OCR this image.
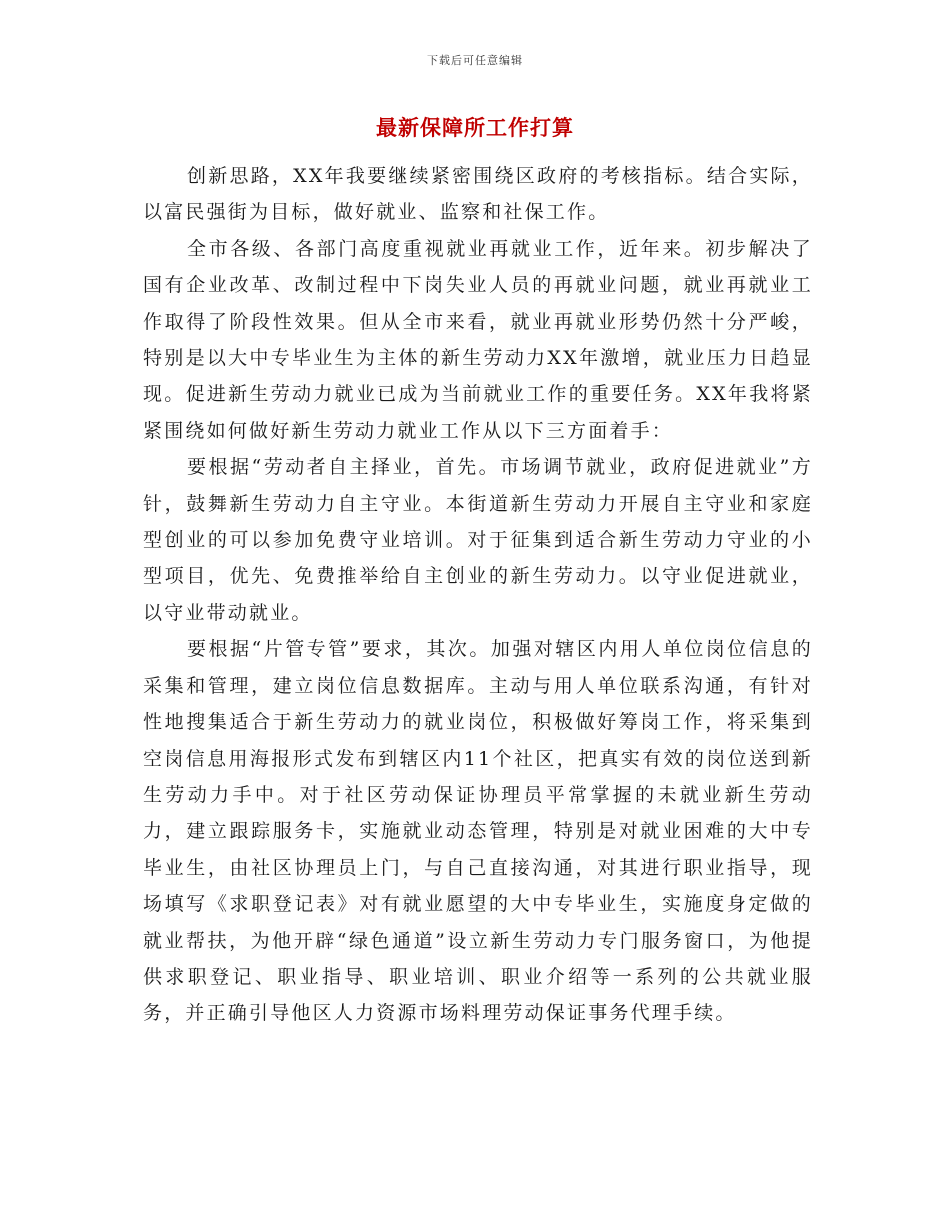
下载后可任意编辑
最新保障所工作打算

创新思路，XX年我要继续紧密围绕区政府的考核指标。结合实际，以富民强街为目标，做好就业、监察和社保工作。

全市各级、各部门高度重视就业再就业工作，近年来。初步解决了国有企业改革、改制过程中下岗失业人员的再就业问题，就业再就业工作取得了阶段性效果。但从全市来看，就业再就业形势仍然十分严峻，特别是以大中专毕业生为主体的新生劳动力XX年激增，就业压力日趋显现。促进新生劳动力就业已成为当前就业工作的重要任务。XX年我将紧紧围绕如何做好新生劳动力就业工作从以下三方面着手：

要根据“劳动者自主择业，首先。市场调节就业，政府促进就业”方针，鼓舞新生劳动力自主守业。本街道新生劳动力开展自主守业和家庭型创业的可以参加免费守业培训。对于征集到适合新生劳动力守业的小型项目，优先、免费推举给自主创业的新生劳动力。以守业促进就业，以守业带动就业。

要根据“片管专管”要求，其次。加强对辖区内用人单位岗位信息的采集和管理，建立岗位信息数据库。主动与用人单位联系沟通，有针对性地搜集适合于新生劳动力的就业岗位，积极做好筹岗工作，将采集到空岗信息用海报形式发布到辖区内11个社区，把真实有效的岗位送到新生劳动力手中。对于社区劳动保证协理员平常掌握的未就业新生劳动力，建立跟踪服务卡，实施就业动态管理，特别是对就业困难的大中专毕业生，由社区协理员上门，与自己直接沟通，对其进行职业指导，现场填写《求职登记表》对有就业愿望的大中专毕业生，实施度身定做的就业帮扶，为他开辟“绿色通道”设立新生劳动力专门服务窗口，为他提供求职登记、职业指导、职业培训、职业介绍等一系列的公共就业服务，并正确引导他区人力资源市场料理劳动保证事务代理手续。
